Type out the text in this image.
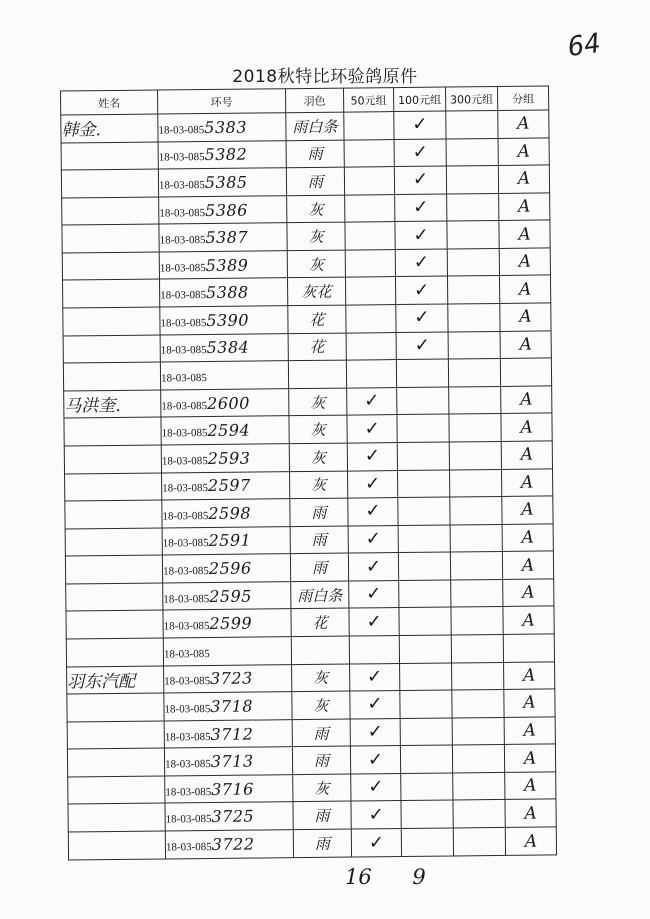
64
2018秋特比环验鸽原件
姓名	环号	羽色	50元组	100元组	300元组	分组
韩金.	18-03-0855383	雨白条		✓		A
	18-03-0855382	雨		✓		A
	18-03-0855385	雨		✓		A
	18-03-0855386	灰		✓		A
	18-03-0855387	灰		✓		A
	18-03-0855389	灰		✓		A
	18-03-0855388	灰花		✓		A
	18-03-0855390	花		✓		A
	18-03-0855384	花		✓		A
	18-03-085					
马洪奎.	18-03-0852600	灰	✓			A
	18-03-0852594	灰	✓			A
	18-03-0852593	灰	✓			A
	18-03-0852597	灰	✓			A
	18-03-0852598	雨	✓			A
	18-03-0852591	雨	✓			A
	18-03-0852596	雨	✓			A
	18-03-0852595	雨白条	✓			A
	18-03-0852599	花	✓			A
	18-03-085					
羽东汽配	18-03-0853723	灰	✓			A
	18-03-0853718	灰	✓			A
	18-03-0853712	雨	✓			A
	18-03-0853713	雨	✓			A
	18-03-0853716	灰	✓			A
	18-03-0853725	雨	✓			A
	18-03-0853722	雨	✓			A
16 9
